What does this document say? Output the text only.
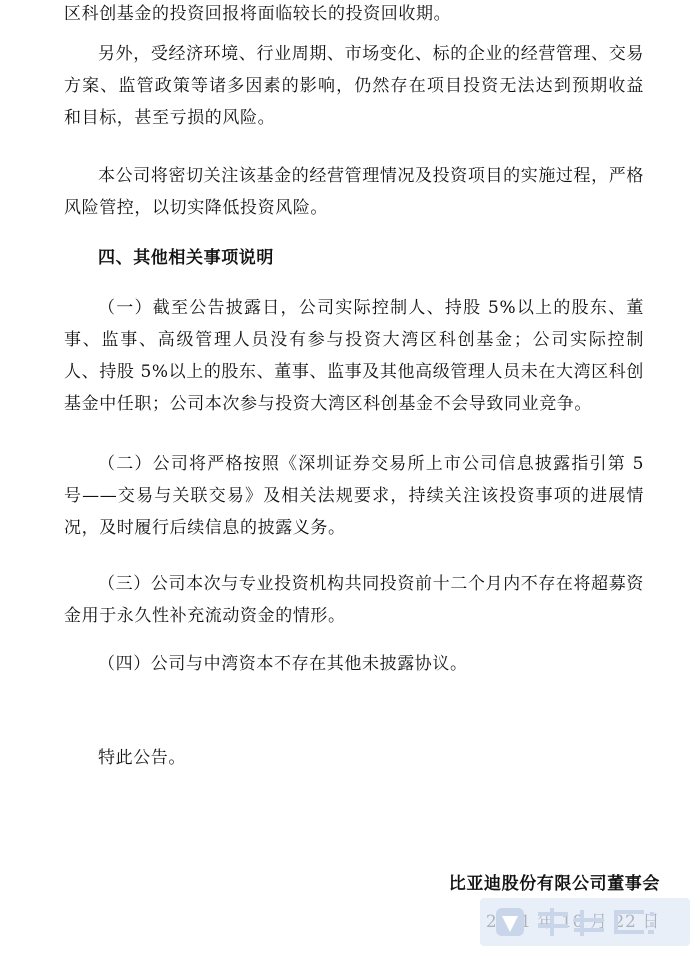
区科创基金的投资回报将面临较长的投资回收期。

另外，受经济环境、行业周期、市场变化、标的企业的经营管理、交易方案、监管政策等诸多因素的影响，仍然存在项目投资无法达到预期收益和目标，甚至亏损的风险。

本公司将密切关注该基金的经营管理情况及投资项目的实施过程，严格风险管控，以切实降低投资风险。

四、其他相关事项说明

（一）截至公告披露日，公司实际控制人、持股 5%以上的股东、董事、监事、高级管理人员没有参与投资大湾区科创基金；公司实际控制人、持股 5%以上的股东、董事、监事及其他高级管理人员未在大湾区科创基金中任职；公司本次参与投资大湾区科创基金不会导致同业竞争。

（二）公司将严格按照《深圳证券交易所上市公司信息披露指引第 5 号——交易与关联交易》及相关法规要求，持续关注该投资事项的进展情况，及时履行后续信息的披露义务。

（三）公司本次与专业投资机构共同投资前十二个月内不存在将超募资金用于永久性补充流动资金的情形。

（四）公司与中湾资本不存在其他未披露协议。

特此公告。

比亚迪股份有限公司董事会
